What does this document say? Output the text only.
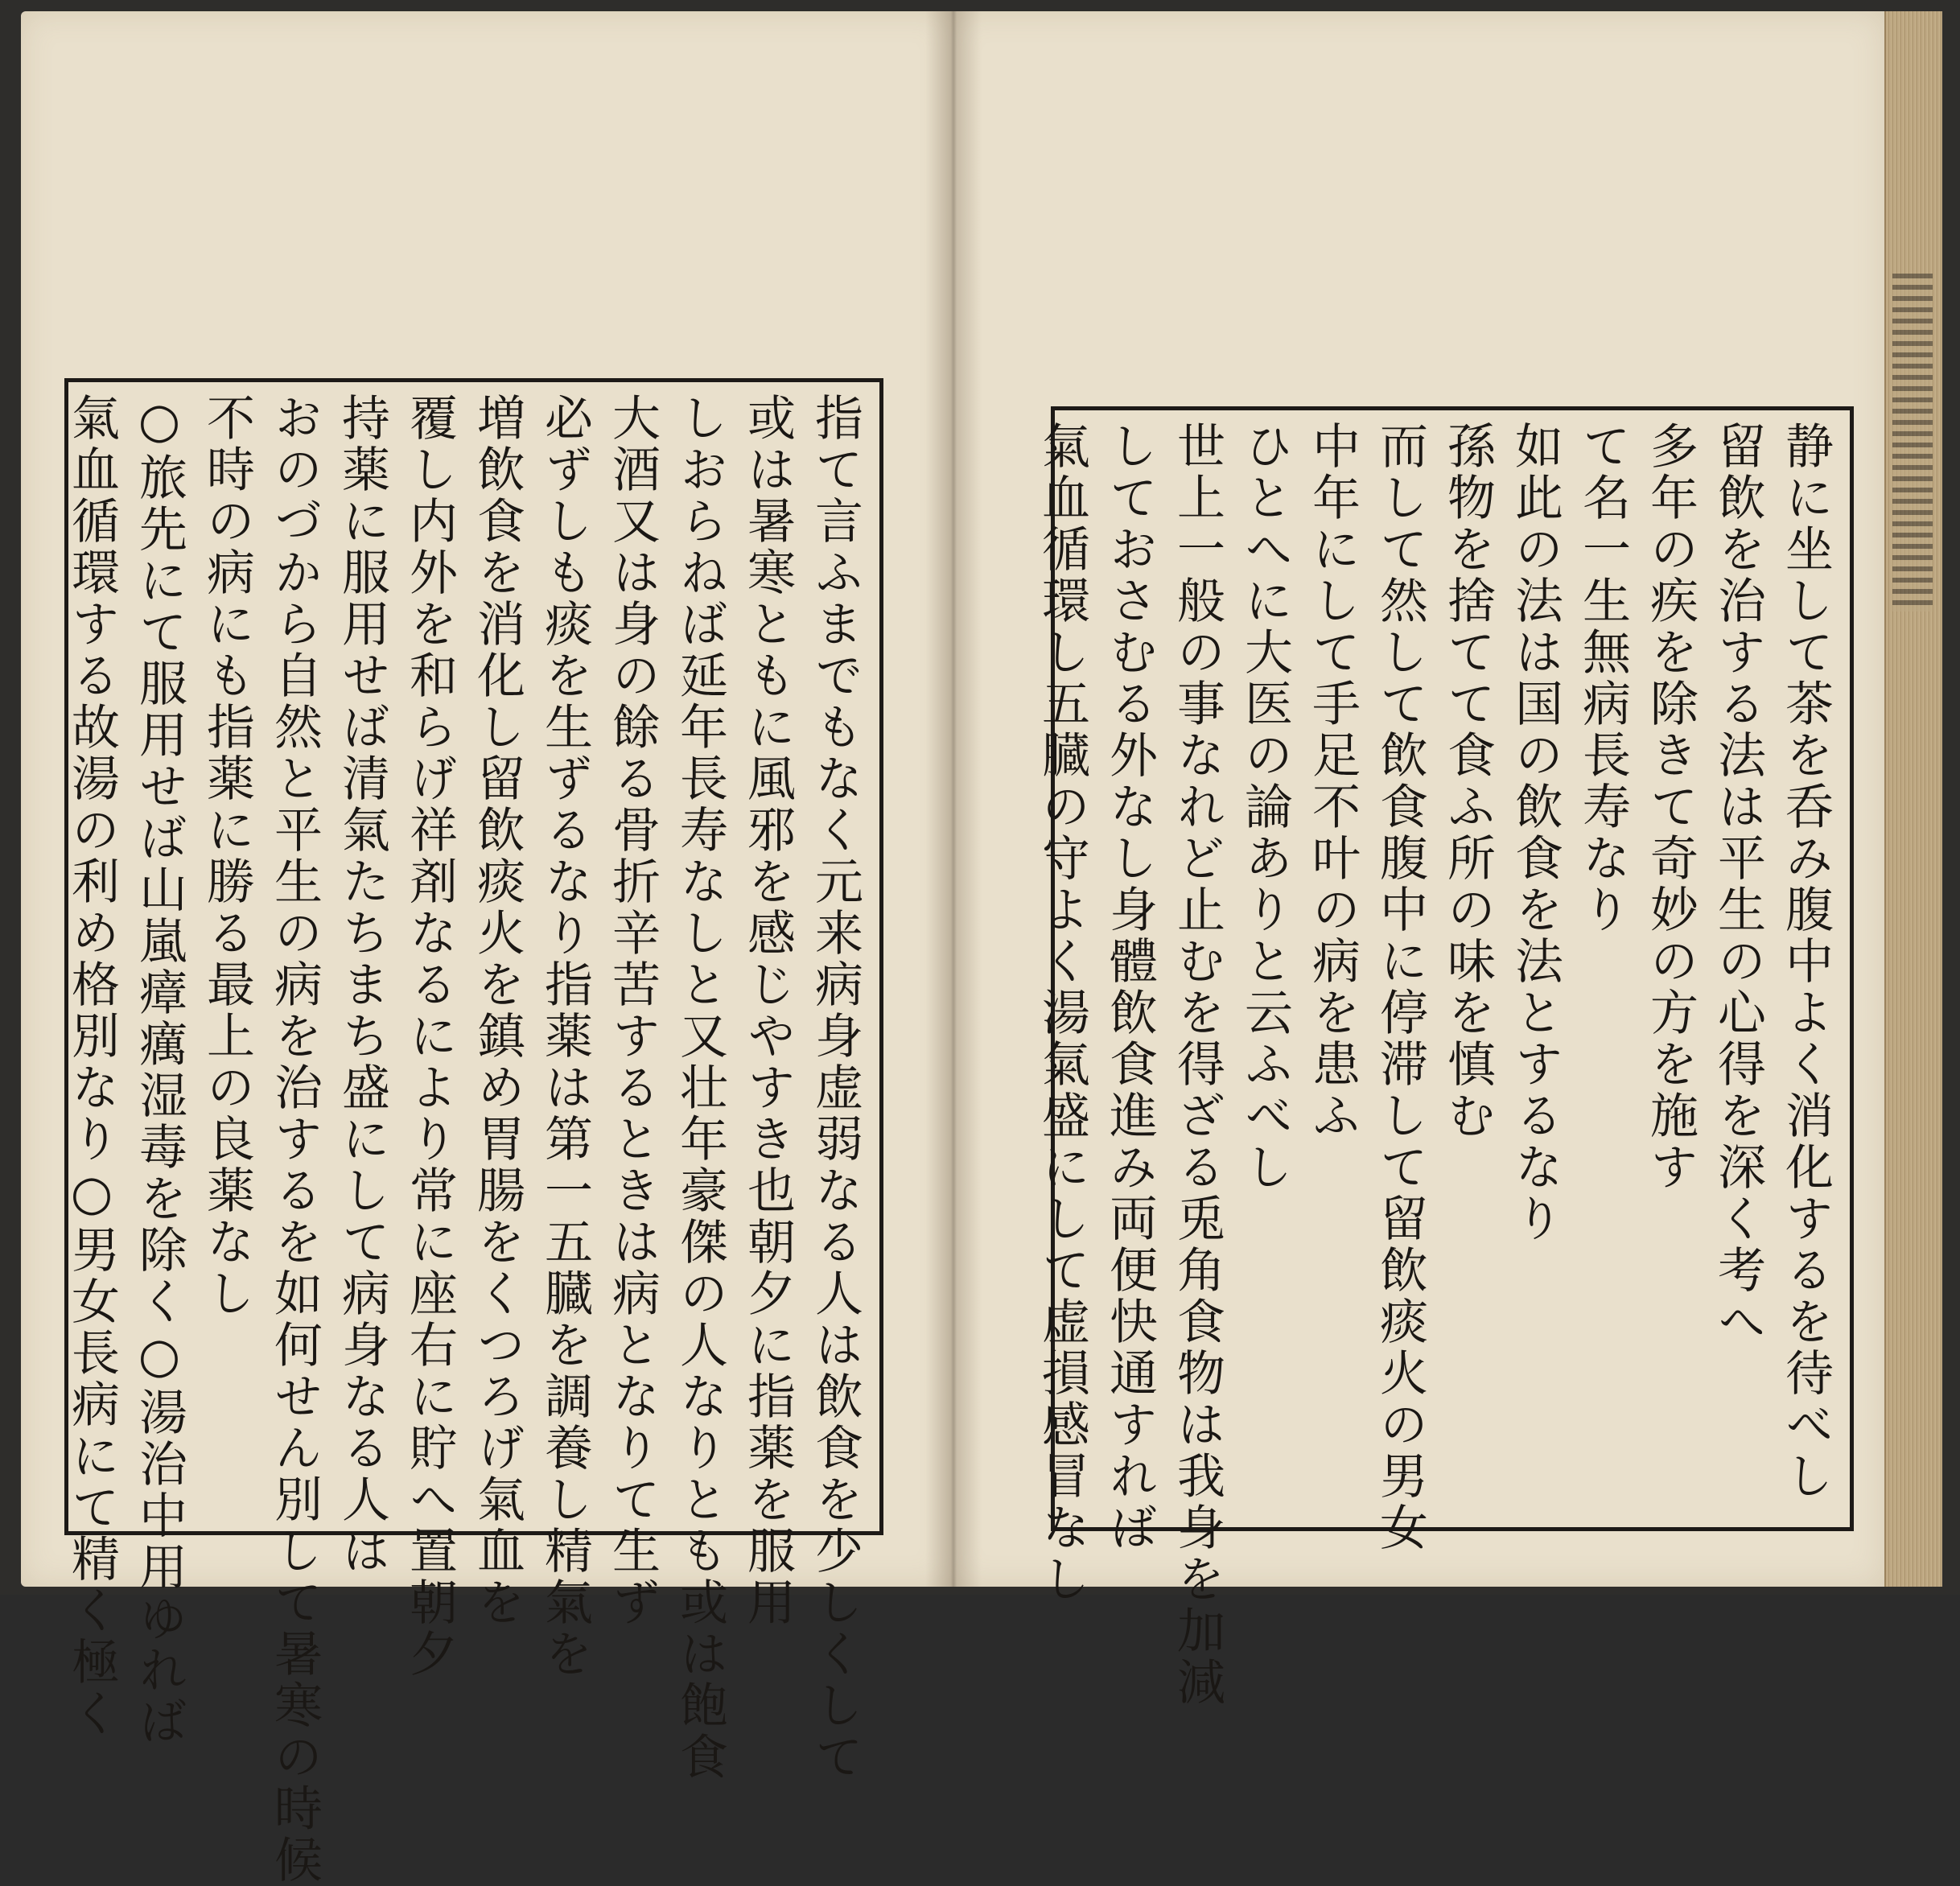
静に坐して茶を呑み腹中よく消化するを待べし
留飲を治する法は平生の心得を深く考へ
多年の疾を除きて奇妙の方を施す
て名一生無病長寿なり
如此の法は国の飲食を法とするなり
孫物を捨てて食ふ所の味を慎む
而して然して飲食腹中に停滞して留飲痰火の男女
中年にして手足不叶の病を患ふ
ひとへに大医の論ありと云ふべし
世上一般の事なれど止むを得ざる兎角食物は我身を加減
しておさむる外なし身體飲食進み両便快通すれば
氣血循環し五臓の守よく湯氣盛にして虚損感冒なし
指て言ふまでもなく元来病身虚弱なる人は飲食を少しくして
或は暑寒ともに風邪を感じやすき也朝夕に指薬を服用
しおらねば延年長寿なしと又壮年豪傑の人なりとも或は飽食
大酒又は身の餘る骨折辛苦するときは病となりて生ず
必ずしも痰を生ずるなり指薬は第一五臓を調養し精氣を
増飲食を消化し留飲痰火を鎮め胃腸をくつろげ氣血を
覆し内外を和らげ祥剤なるにより常に座右に貯へ置朝夕
持薬に服用せば清氣たちまち盛にして病身なる人は
おのづから自然と平生の病を治するを如何せん別して暑寒の時候
不時の病にも指薬に勝る最上の良薬なし
○旅先にて服用せば山嵐瘴癘湿毒を除く○湯治中用ゆれば
氣血循環する故湯の利め格別なり○男女長病にて精く極く
